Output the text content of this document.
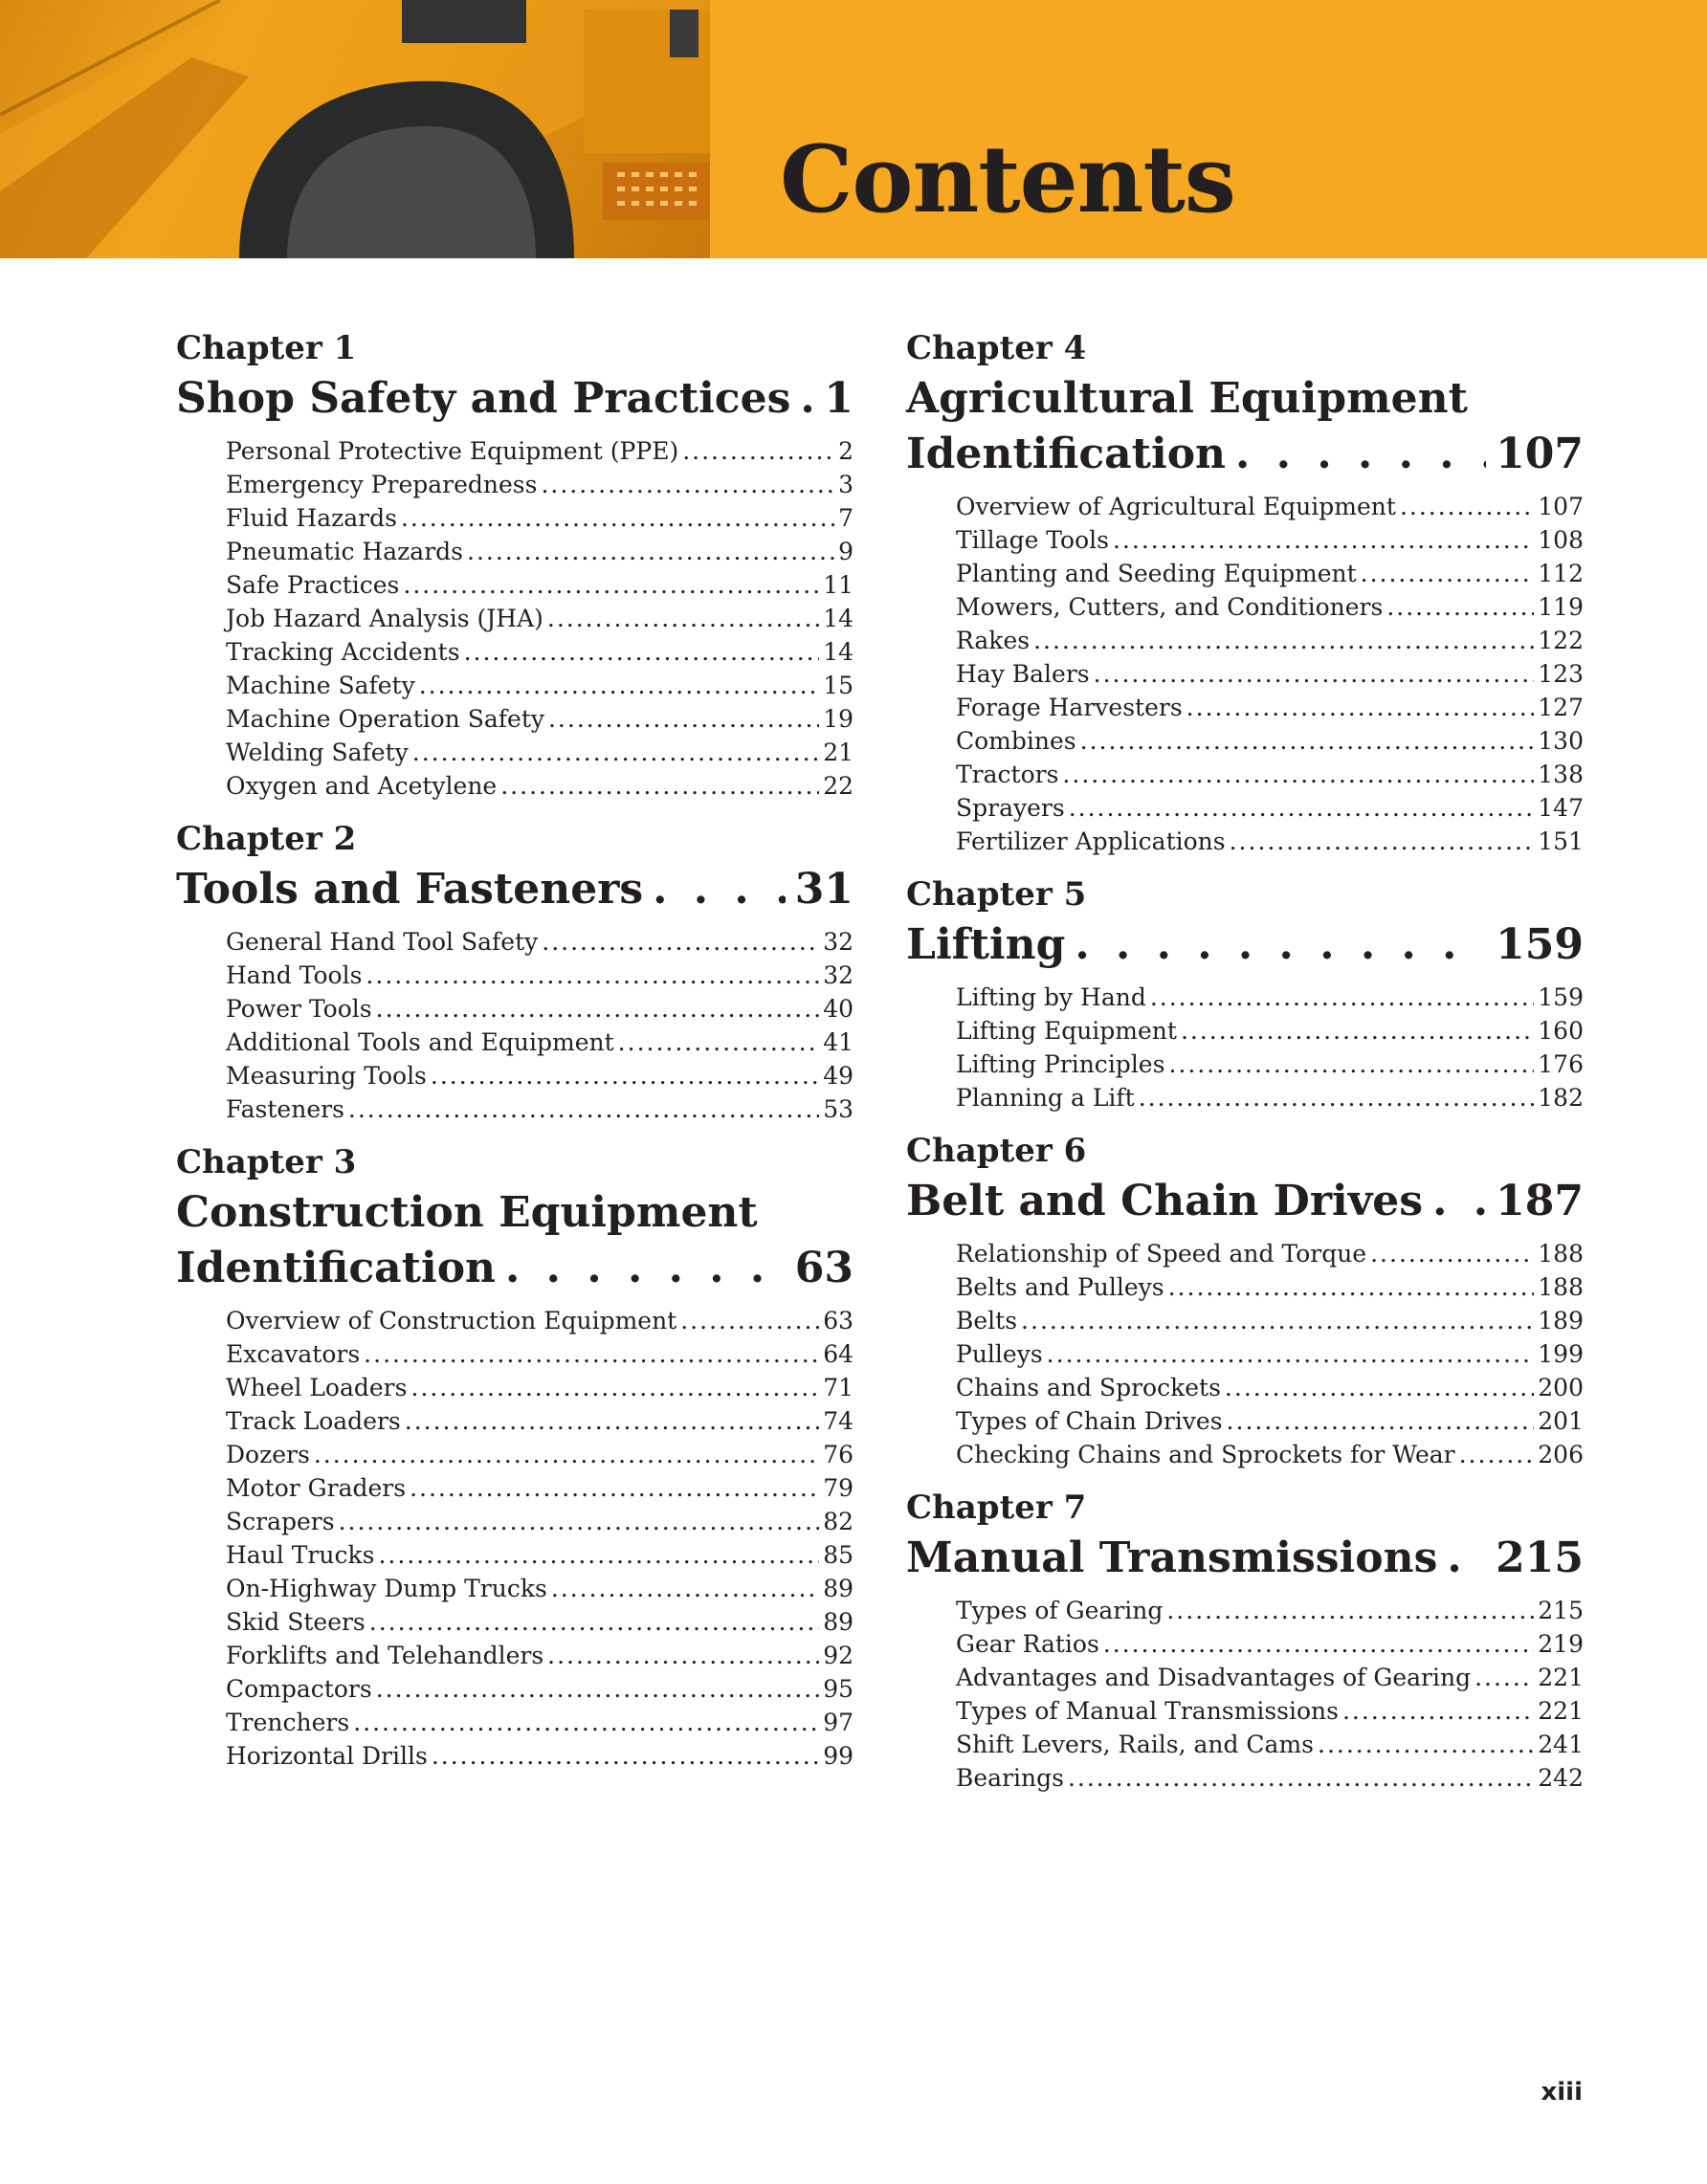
Contents
Chapter 1
Shop Safety and Practices . . . 1
Personal Protective Equipment (PPE) .....	2
Emergency Preparedness .....	3
Fluid Hazards .....	7
Pneumatic Hazards .....	9
Safe Practices .....	11
Job Hazard Analysis (JHA) .....	14
Tracking Accidents .....	14
Machine Safety .....	15
Machine Operation Safety .....	19
Welding Safety .....	21
Oxygen and Acetylene .....	22
Chapter 2
Tools and Fasteners . . .	31
General Hand Tool Safety .....	32
Hand Tools .....	32
Power Tools .....	40
Additional Tools and Equipment .....	41
Measuring Tools .....	49
Fasteners .....	53
Chapter 3
Construction Equipment
Identification . . .	63
Overview of Construction Equipment .....	63
Excavators .....	64
Wheel Loaders .....	71
Track Loaders .....	74
Dozers .....	76
Motor Graders .....	79
Scrapers .....	82
Haul Trucks .....	85
On-Highway Dump Trucks .....	89
Skid Steers .....	89
Forklifts and Telehandlers .....	92
Compactors .....	95
Trenchers .....	97
Horizontal Drills .....	99
Chapter 4
Agricultural Equipment
Identification . . .	107
Overview of Agricultural Equipment .....	107
Tillage Tools .....	108
Planting and Seeding Equipment .....	112
Mowers, Cutters, and Conditioners .....	119
Rakes .....	122
Hay Balers .....	123
Forage Harvesters .....	127
Combines .....	130
Tractors .....	138
Sprayers .....	147
Fertilizer Applications .....	151
Chapter 5
Lifting . . .	159
Lifting by Hand .....	159
Lifting Equipment .....	160
Lifting Principles .....	176
Planning a Lift .....	182
Chapter 6
Belt and Chain Drives . . . 187
Relationship of Speed and Torque .....	188
Belts and Pulleys .....	188
Belts .....	189
Pulleys .....	199
Chains and Sprockets .....	200
Types of Chain Drives .....	201
Checking Chains and Sprockets for Wear .....	206
Chapter 7
Manual Transmissions . . . 215
Types of Gearing .....	215
Gear Ratios .....	219
Advantages and Disadvantages of Gearing .....	221
Types of Manual Transmissions .....	221
Shift Levers, Rails, and Cams .....	241
Bearings .....	242
xiii
